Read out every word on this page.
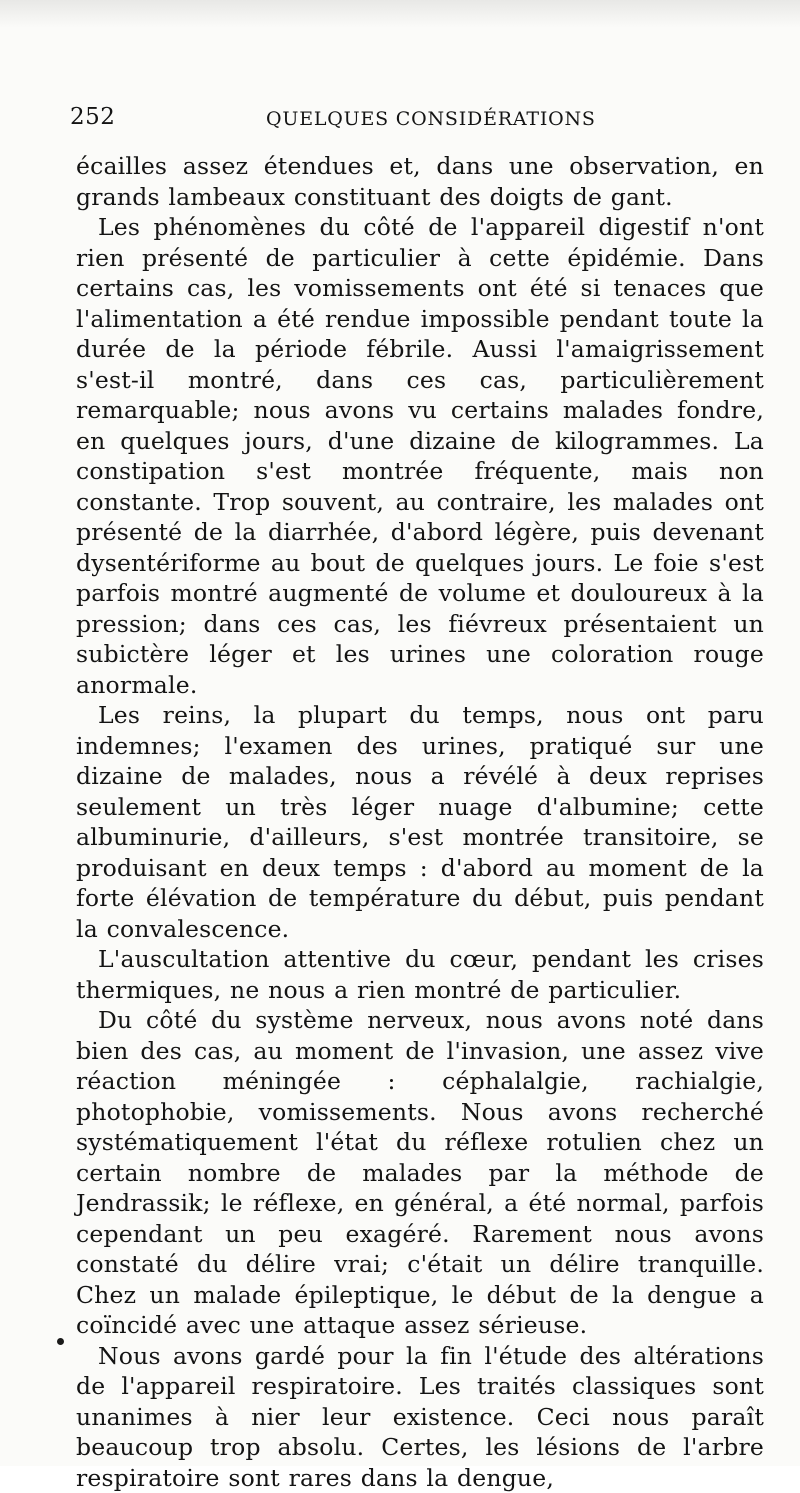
252	QUELQUES CONSIDÉRATIONS

écailles assez étendues et, dans une observation, en grands lambeaux constituant des doigts de gant.

Les phénomènes du côté de l'appareil digestif n'ont rien présenté de particulier à cette épidémie. Dans certains cas, les vomissements ont été si tenaces que l'alimentation a été rendue impossible pendant toute la durée de la période fébrile. Aussi l'amaigrissement s'est-il montré, dans ces cas, particulièrement remarquable; nous avons vu certains malades fondre, en quelques jours, d'une dizaine de kilogrammes. La constipation s'est montrée fréquente, mais non constante. Trop souvent, au contraire, les malades ont présenté de la diarrhée, d'abord légère, puis devenant dysentériforme au bout de quelques jours. Le foie s'est parfois montré augmenté de volume et douloureux à la pression; dans ces cas, les fiévreux présentaient un subictère léger et les urines une coloration rouge anormale.

Les reins, la plupart du temps, nous ont paru indemnes; l'examen des urines, pratiqué sur une dizaine de malades, nous a révélé à deux reprises seulement un très léger nuage d'albumine; cette albuminurie, d'ailleurs, s'est montrée transitoire, se produisant en deux temps : d'abord au moment de la forte élévation de température du début, puis pendant la convalescence.

L'auscultation attentive du cœur, pendant les crises thermiques, ne nous a rien montré de particulier.

Du côté du système nerveux, nous avons noté dans bien des cas, au moment de l'invasion, une assez vive réaction méningée : céphalalgie, rachialgie, photophobie, vomissements. Nous avons recherché systématiquement l'état du réflexe rotulien chez un certain nombre de malades par la méthode de Jendrassik; le réflexe, en général, a été normal, parfois cependant un peu exagéré. Rarement nous avons constaté du délire vrai; c'était un délire tranquille. Chez un malade épileptique, le début de la dengue a coïncidé avec une attaque assez sérieuse.

Nous avons gardé pour la fin l'étude des altérations de l'appareil respiratoire. Les traités classiques sont unanimes à nier leur existence. Ceci nous paraît beaucoup trop absolu. Certes, les lésions de l'arbre respiratoire sont rares dans la dengue,
